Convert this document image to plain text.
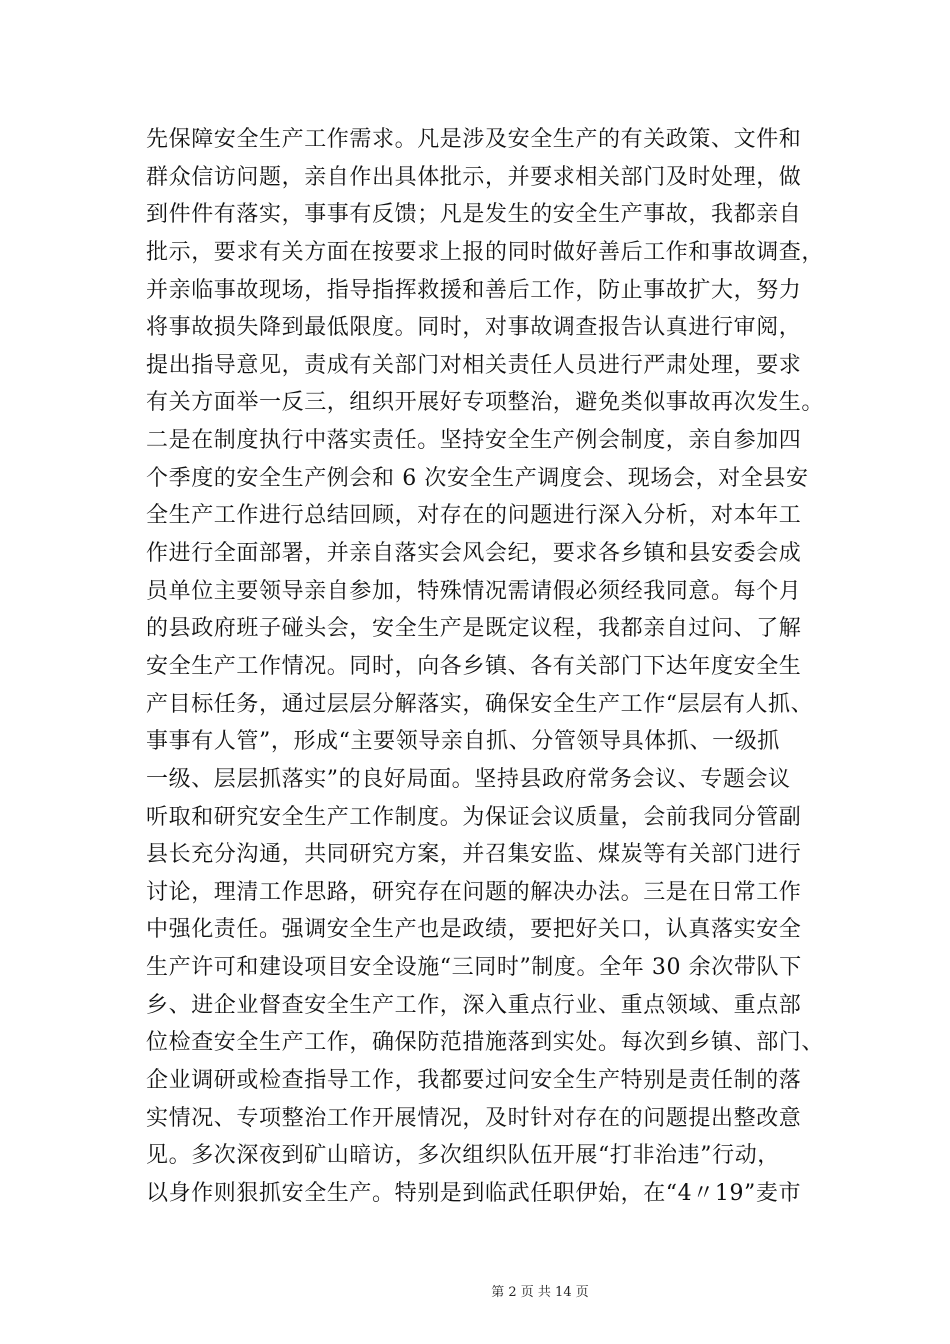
先保障安全生产工作需求。凡是涉及安全生产的有关政策、文件和
群众信访问题，亲自作出具体批示，并要求相关部门及时处理，做
到件件有落实，事事有反馈；凡是发生的安全生产事故，我都亲自
批示，要求有关方面在按要求上报的同时做好善后工作和事故调查，
并亲临事故现场，指导指挥救援和善后工作，防止事故扩大，努力
将事故损失降到最低限度。同时，对事故调查报告认真进行审阅，
提出指导意见，责成有关部门对相关责任人员进行严肃处理，要求
有关方面举一反三，组织开展好专项整治，避免类似事故再次发生。
二是在制度执行中落实责任。坚持安全生产例会制度，亲自参加四
个季度的安全生产例会和 6 次安全生产调度会、现场会，对全县安
全生产工作进行总结回顾，对存在的问题进行深入分析，对本年工
作进行全面部署，并亲自落实会风会纪，要求各乡镇和县安委会成
员单位主要领导亲自参加，特殊情况需请假必须经我同意。每个月
的县政府班子碰头会，安全生产是既定议程，我都亲自过问、了解
安全生产工作情况。同时，向各乡镇、各有关部门下达年度安全生
产目标任务，通过层层分解落实，确保安全生产工作“层层有人抓、
事事有人管”，形成“主要领导亲自抓、分管领导具体抓、一级抓
一级、层层抓落实”的良好局面。坚持县政府常务会议、专题会议
听取和研究安全生产工作制度。为保证会议质量，会前我同分管副
县长充分沟通，共同研究方案，并召集安监、煤炭等有关部门进行
讨论，理清工作思路，研究存在问题的解决办法。三是在日常工作
中强化责任。强调安全生产也是政绩，要把好关口，认真落实安全
生产许可和建设项目安全设施“三同时”制度。全年 30 余次带队下
乡、进企业督查安全生产工作，深入重点行业、重点领域、重点部
位检查安全生产工作，确保防范措施落到实处。每次到乡镇、部门、
企业调研或检查指导工作，我都要过问安全生产特别是责任制的落
实情况、专项整治工作开展情况，及时针对存在的问题提出整改意
见。多次深夜到矿山暗访，多次组织队伍开展“打非治违”行动，
以身作则狠抓安全生产。特别是到临武任职伊始，在“4〃19”麦市
第 2 页 共 14 页
